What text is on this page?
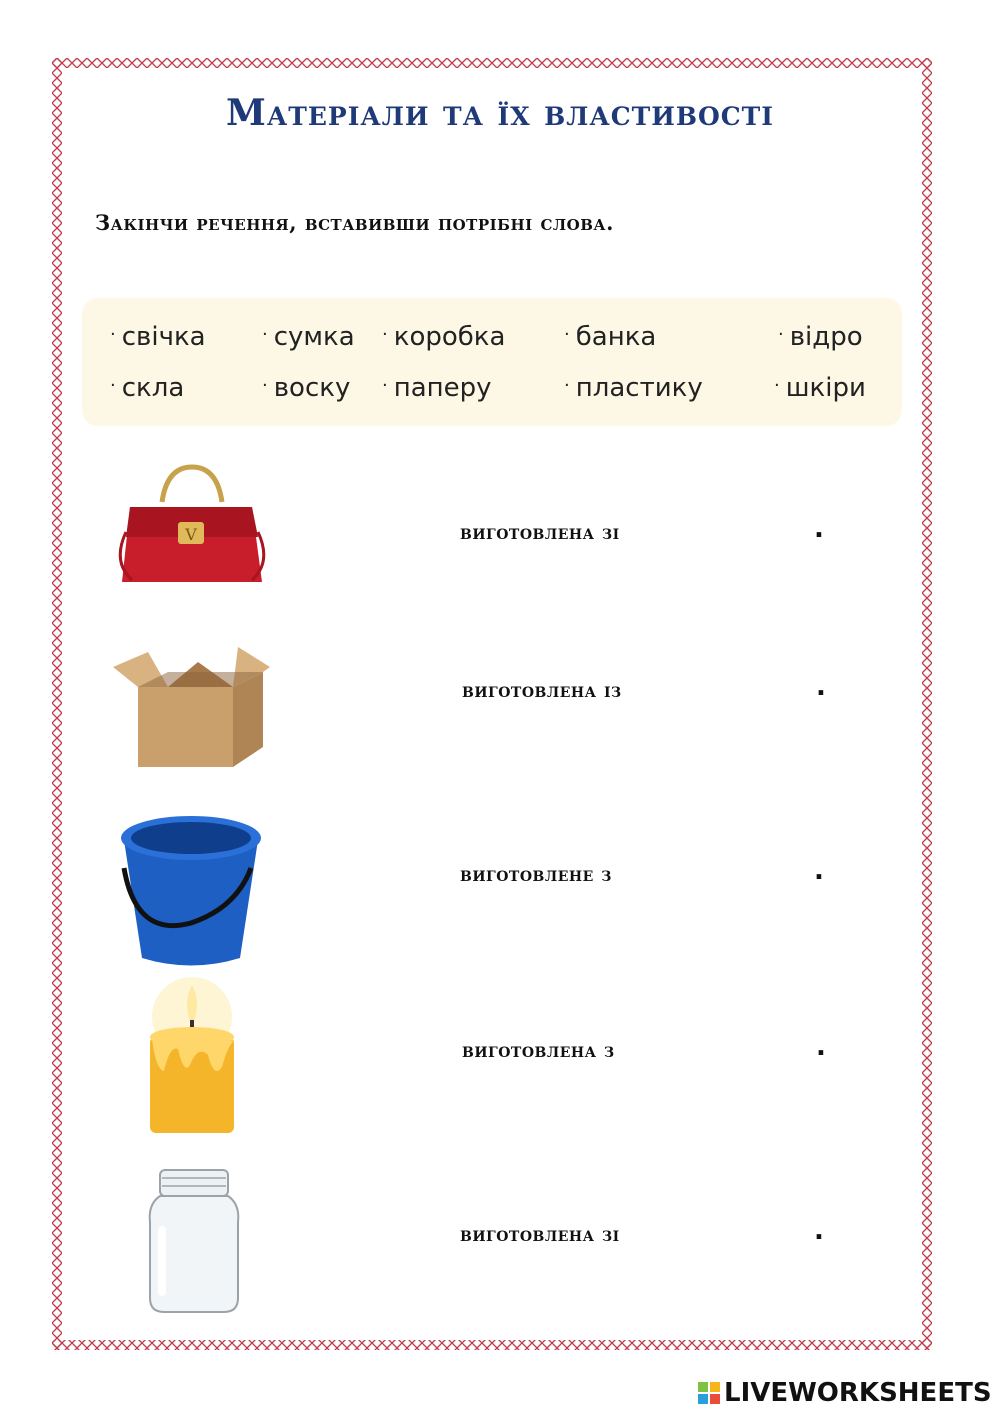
Матеріали та їх властивості
Закінчи речення, вставивши потрібні слова.
· свічка	· сумка · коробка	· банка	· відро
· скла	· воску · паперу	· пластику	· шкіри
V	виготовлена зі	.
виготовлена із	.
виготовлене з	.
виготовлена з	.
виготовлена зі	.
LIVEWORKSHEETS
